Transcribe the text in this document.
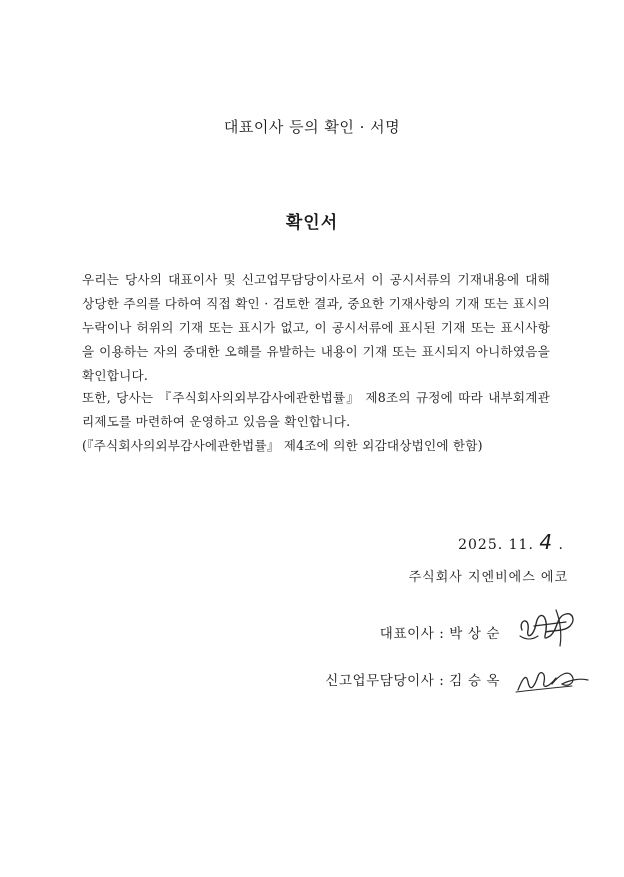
대표이사 등의 확인 · 서명
확인서
우리는 당사의 대표이사 및 신고업무담당이사로서 이 공시서류의 기재내용에 대해 상당한 주의를 다하여 직접 확인 · 검토한 결과, 중요한 기재사항의 기재 또는 표시의 누락이나 허위의 기재 또는 표시가 없고, 이 공시서류에 표시된 기재 또는 표시사항을 이용하는 자의 중대한 오해를 유발하는 내용이 기재 또는 표시되지 아니하였음을 확인합니다.
또한, 당사는 『주식회사의외부감사에관한법률』 제8조의 규정에 따라 내부회계관리제도를 마련하여 운영하고 있음을 확인합니다.
(『주식회사의외부감사에관한법률』 제4조에 의한 외감대상법인에 한함)
2025. 11. 4 .
주식회사 지엔비에스 에코
대표이사 : 박 상 순
신고업무담당이사 : 김 승 옥
